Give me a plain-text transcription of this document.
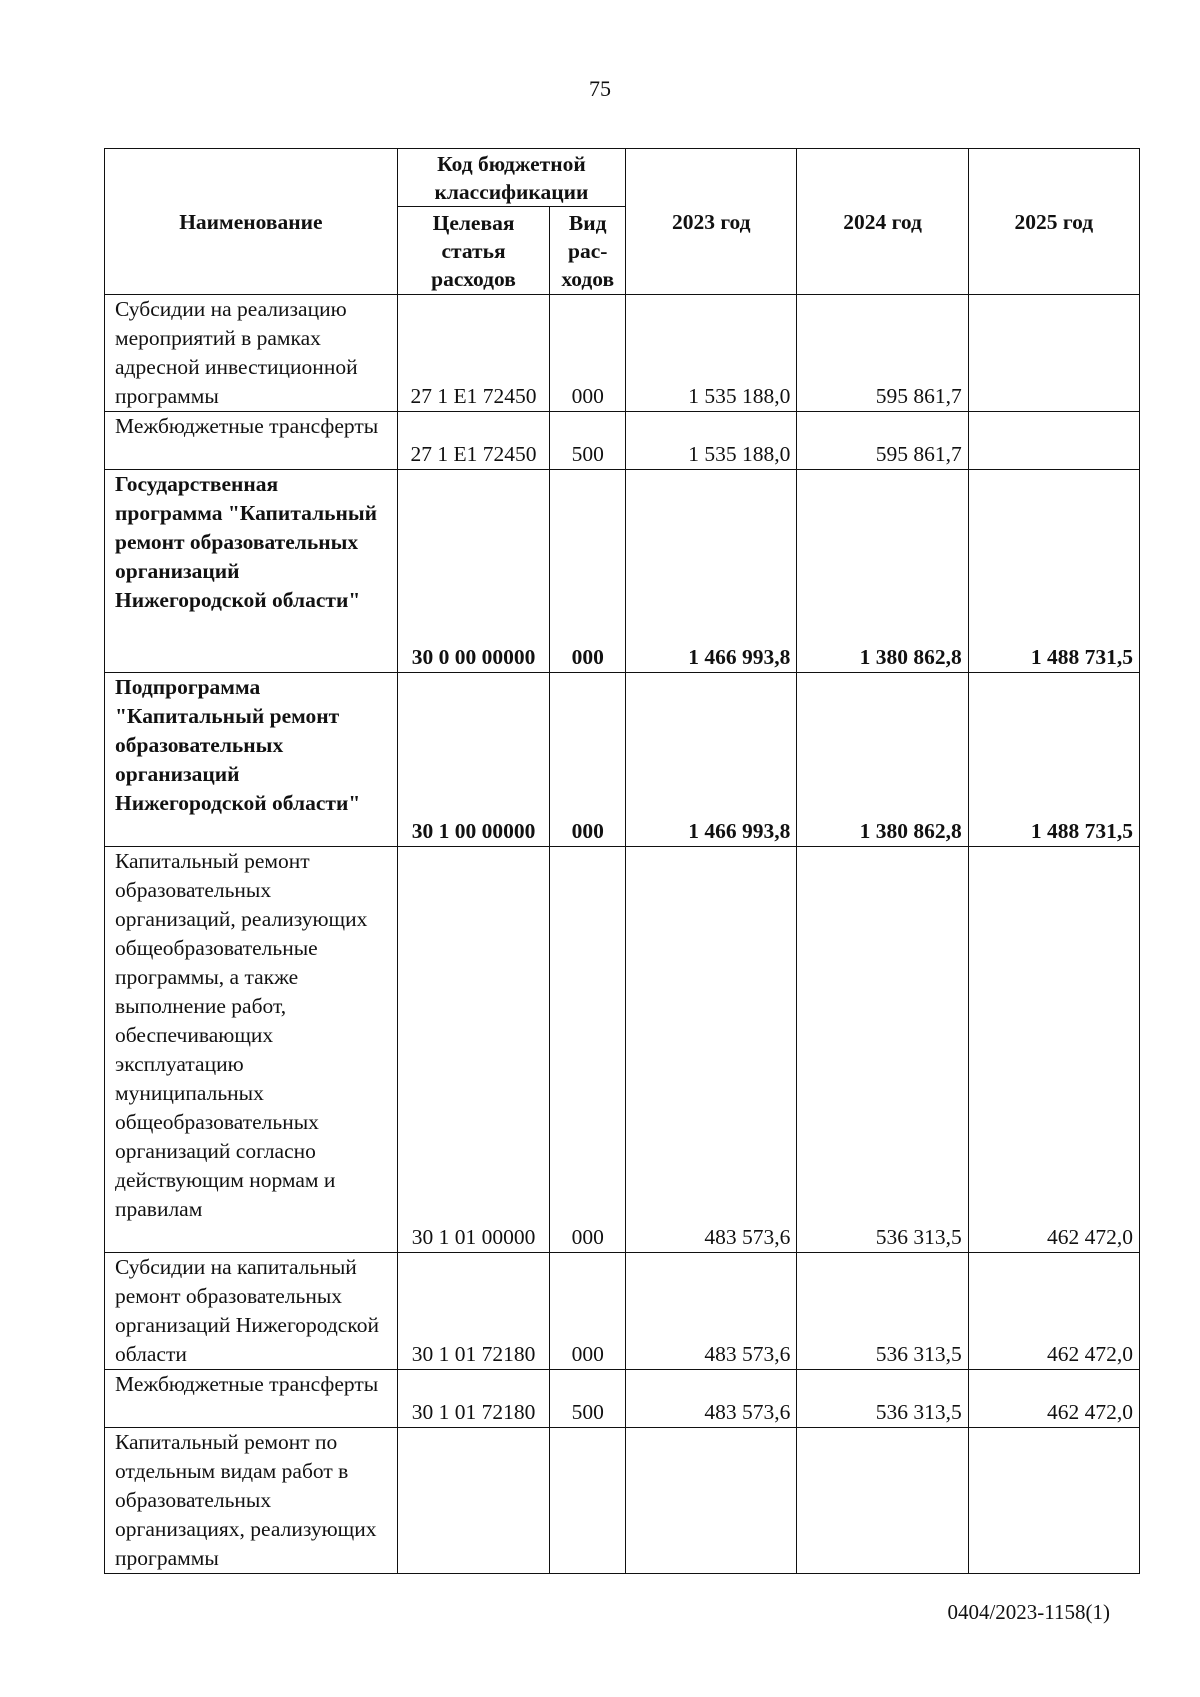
75
Наименование	Код бюджетной классификации		2023 год	2024 год	2025 год
	Целевая статья расходов	Вид рас-ходов			
Субсидии на реализацию мероприятий в рамках адресной инвестиционной программы	27 1 E1 72450	000	1 535 188,0	595 861,7	
Межбюджетные трансферты	27 1 E1 72450	500	1 535 188,0	595 861,7	
Государственная программа "Капитальный ремонт образовательных организаций Нижегородской области"	30 0 00 00000	000	1 466 993,8	1 380 862,8	1 488 731,5
Подпрограмма "Капитальный ремонт образовательных организаций Нижегородской области"	30 1 00 00000	000	1 466 993,8	1 380 862,8	1 488 731,5
Капитальный ремонт образовательных организаций, реализующих общеобразовательные программы, а также выполнение работ, обеспечивающих эксплуатацию муниципальных общеобразовательных организаций согласно действующим нормам и правилам	30 1 01 00000	000	483 573,6	536 313,5	462 472,0
Субсидии на капитальный ремонт образовательных организаций Нижегородской области	30 1 01 72180	000	483 573,6	536 313,5	462 472,0
Межбюджетные трансферты	30 1 01 72180	500	483 573,6	536 313,5	462 472,0
Капитальный ремонт по отдельным видам работ в образовательных организациях, реализующих программы					
0404/2023-1158(1)
